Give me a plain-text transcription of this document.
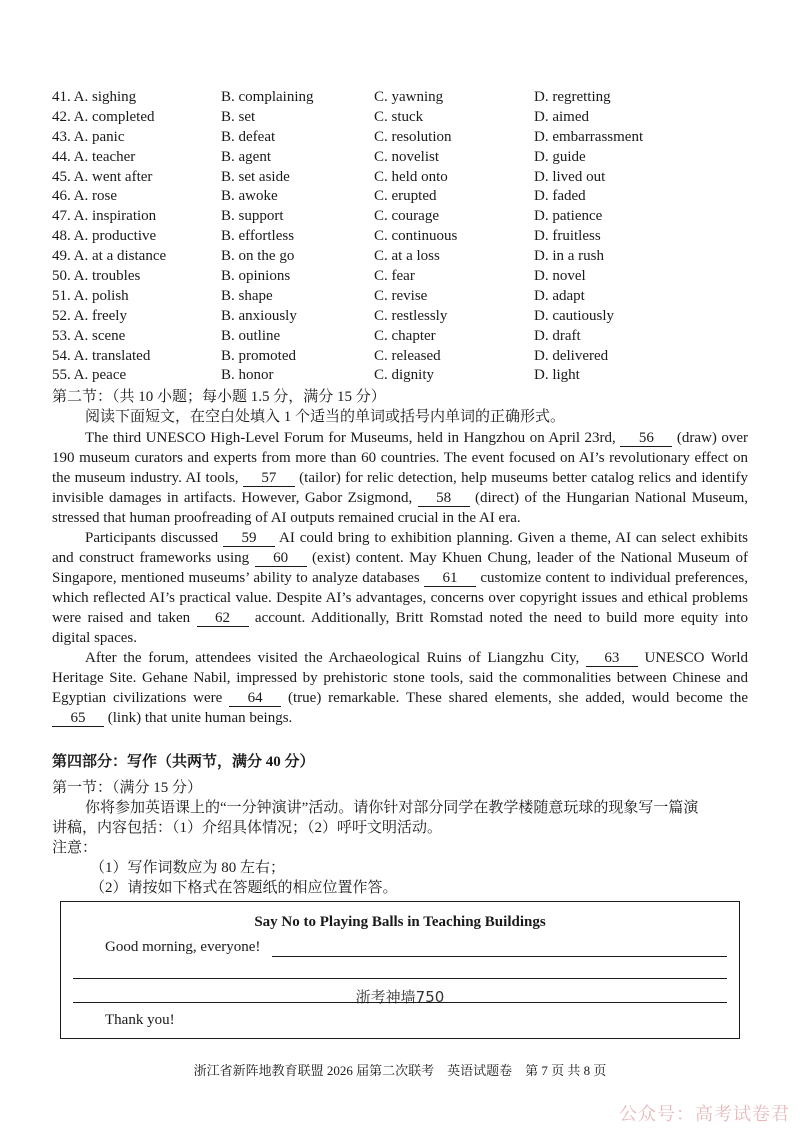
41. A. sighing	B. complaining	C. yawning	D. regretting
42. A. completed	B. set	C. stuck	D. aimed
43. A. panic	B. defeat	C. resolution	D. embarrassment
44. A. teacher	B. agent	C. novelist	D. guide
45. A. went after	B. set aside	C. held onto	D. lived out
46. A. rose	B. awoke	C. erupted	D. faded
47. A. inspiration	B. support	C. courage	D. patience
48. A. productive	B. effortless	C. continuous	D. fruitless
49. A. at a distance	B. on the go	C. at a loss	D. in a rush
50. A. troubles	B. opinions	C. fear	D. novel
51. A. polish	B. shape	C. revise	D. adapt
52. A. freely	B. anxiously	C. restlessly	D. cautiously
53. A. scene	B. outline	C. chapter	D. draft
54. A. translated	B. promoted	C. released	D. delivered
55. A. peace	B. honor	C. dignity	D. light
第二节：（共 10 小题；每小题 1.5 分，满分 15 分）
阅读下面短文，在空白处填入 1 个适当的单词或括号内单词的正确形式。

The third UNESCO High-Level Forum for Museums, held in Hangzhou on April 23rd, 56 (draw) over 190 museum curators and experts from more than 60 countries. The event focused on AI’s revolutionary effect on the museum industry. AI tools, 57 (tailor) for relic detection, help museums better catalog relics and identify invisible damages in artifacts. However, Gabor Zsigmond, 58 (direct) of the Hungarian National Museum, stressed that human proofreading of AI outputs remained crucial in the AI era.

Participants discussed 59 AI could bring to exhibition planning. Given a theme, AI can select exhibits and construct frameworks using 60 (exist) content. May Khuen Chung, leader of the National Museum of Singapore, mentioned museums’ ability to analyze databases 61 customize content to individual preferences, which reflected AI’s practical value. Despite AI’s advantages, concerns over copyright issues and ethical problems were raised and taken 62 account. Additionally, Britt Romstad noted the need to build more equity into digital spaces.

After the forum, attendees visited the Archaeological Ruins of Liangzhu City, 63 UNESCO World Heritage Site. Gehane Nabil, impressed by prehistoric stone tools, said the commonalities between Chinese and Egyptian civilizations were 64 (true) remarkable. These shared elements, she added, would become the 65 (link) that unite human beings.

第四部分：写作（共两节，满分 40 分）
第一节：（满分 15 分）
你将参加英语课上的“一分钟演讲”活动。请你针对部分同学在教学楼随意玩球的现象写一篇演
讲稿，内容包括：（1）介绍具体情况；（2）呼吁文明活动。
注意：
（1）写作词数应为 80 左右；
（2）请按如下格式在答题纸的相应位置作答。
Say No to Playing Balls in Teaching Buildings
Good morning, everyone!
浙考神墙750
Thank you!
浙江省新阵地教育联盟 2026 届第二次联考　英语试题卷　第 7 页 共 8 页
公众号：高考试卷君
